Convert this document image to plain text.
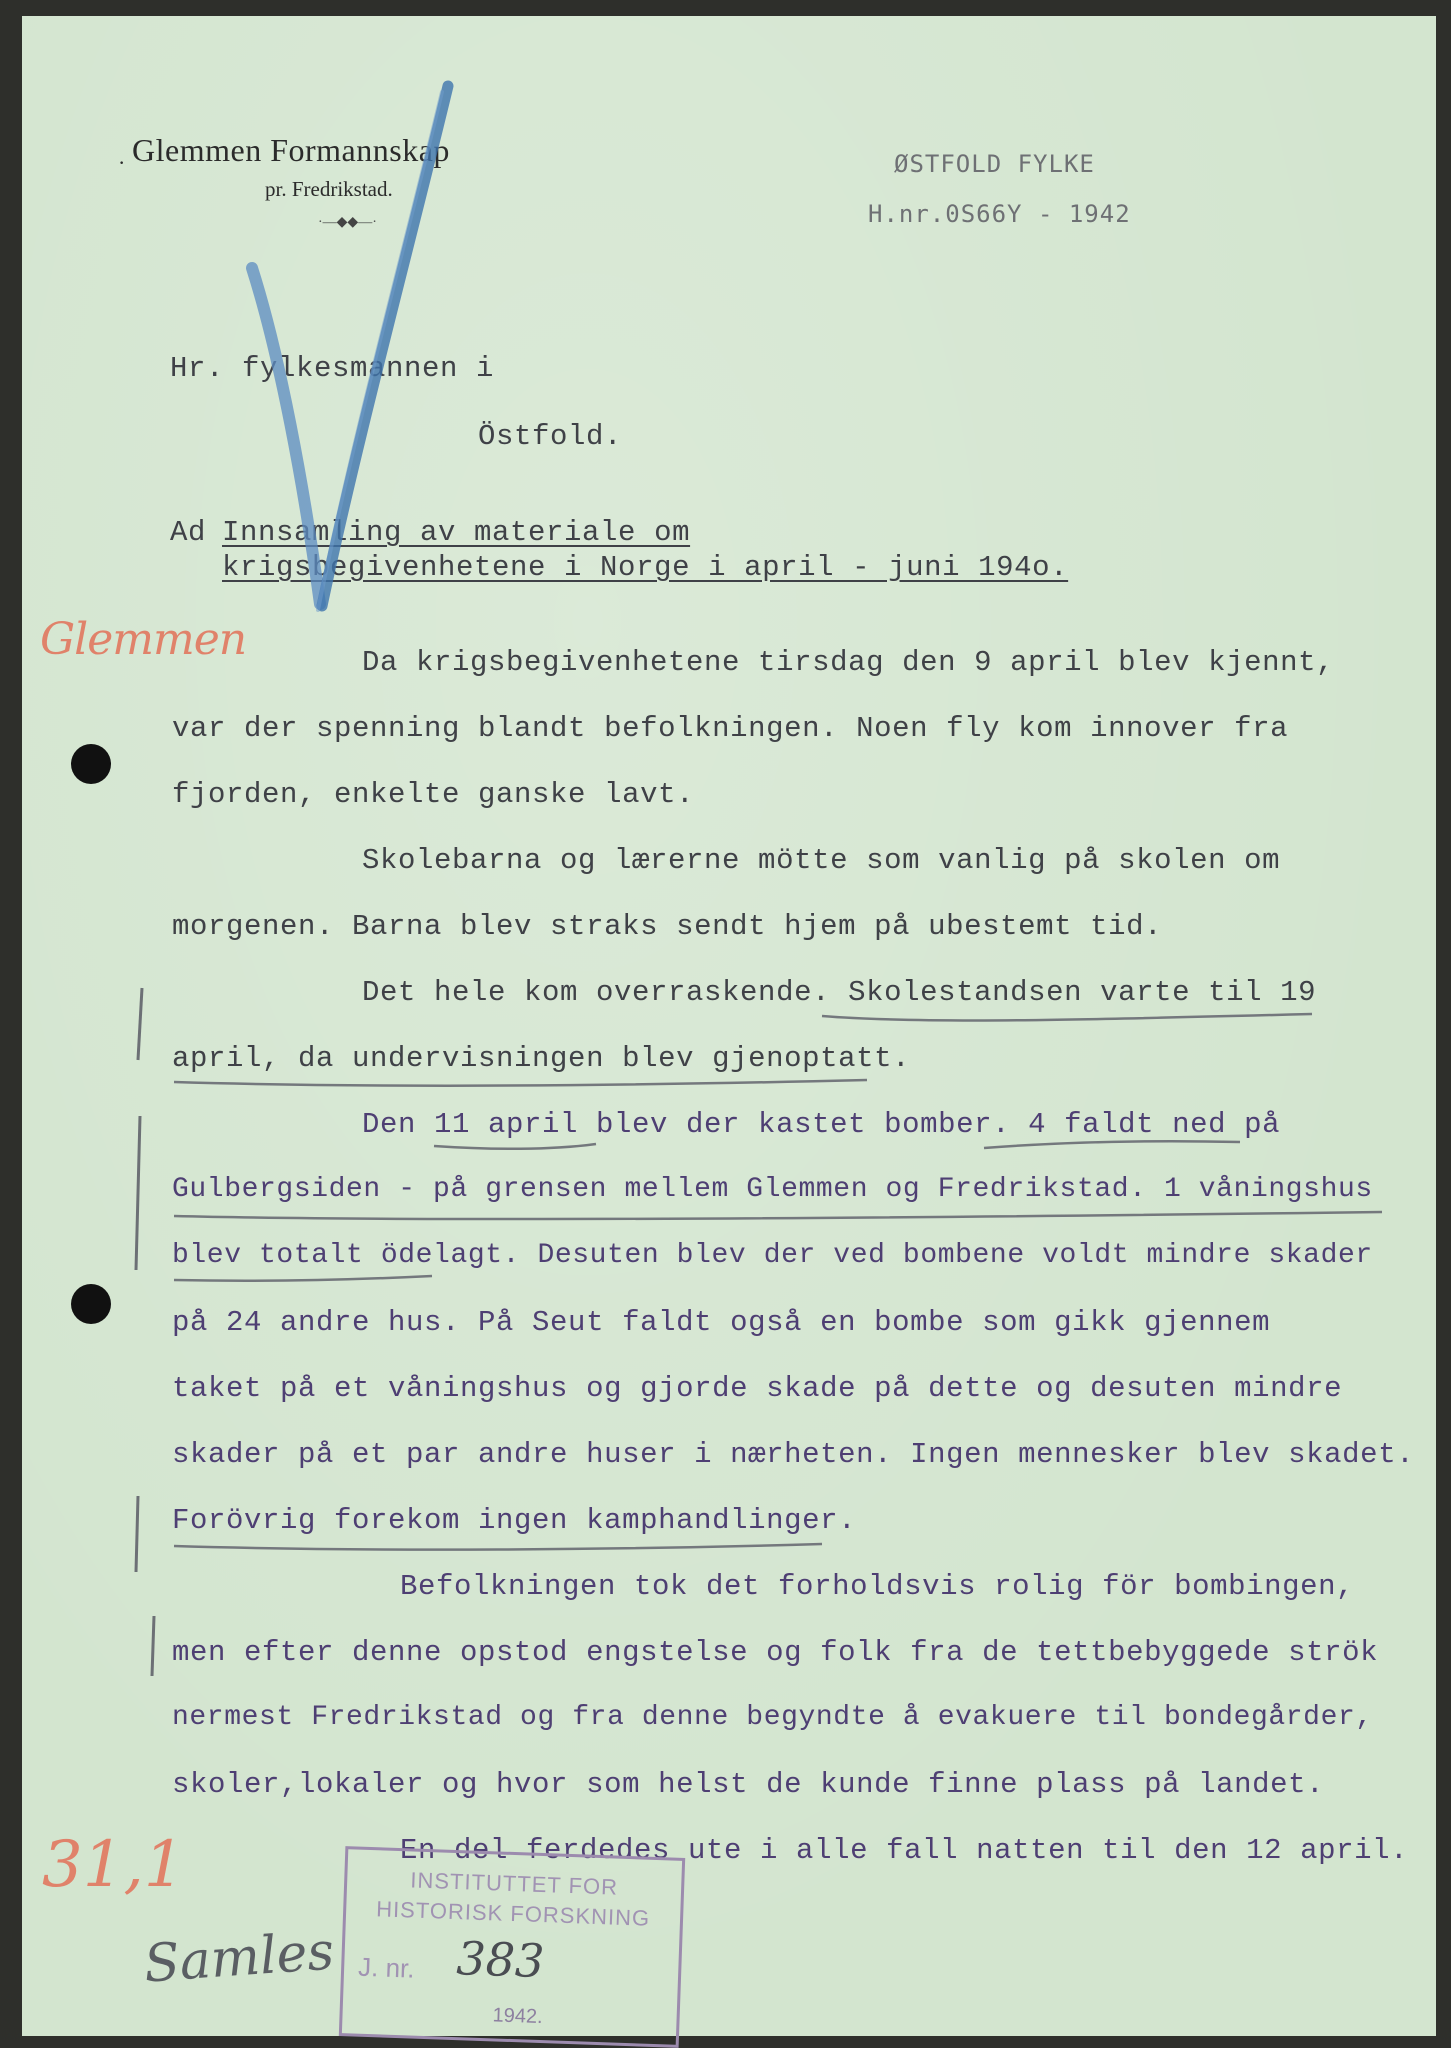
Glemmen Formannskap
pr. Fredrikstad.
·—◆◆—·
·	ØSTFOLD FYLKE
H.nr.0S66Y - 1942
Hr. fylkesmannen i
Östfold.
Ad Innsamling av materiale om
krigsbegivenhetene i Norge i april - juni 194o.
Glemmen
31,1
Samles
Da krigsbegivenhetene tirsdag den 9 april blev kjennt,
var der spenning blandt befolkningen. Noen fly kom innover fra
fjorden, enkelte ganske lavt.
Skolebarna og lærerne mötte som vanlig på skolen om
morgenen. Barna blev straks sendt hjem på ubestemt tid.
Det hele kom overraskende. Skolestandsen varte til 19
april, da undervisningen blev gjenoptatt.
Den 11 april blev der kastet bomber. 4 faldt ned på
Gulbergsiden - på grensen mellem Glemmen og Fredrikstad. 1 våningshus
blev totalt ödelagt. Desuten blev der ved bombene voldt mindre skader
på 24 andre hus. På Seut faldt også en bombe som gikk gjennem
taket på et våningshus og gjorde skade på dette og desuten mindre
skader på et par andre huser i nærheten. Ingen mennesker blev skadet.
Forövrig forekom ingen kamphandlinger.
Befolkningen tok det forholdsvis rolig för bombingen,
men efter denne opstod engstelse og folk fra de tettbebyggede strök
nermest Fredrikstad og fra denne begyndte å evakuere til bondegårder,
skoler,lokaler og hvor som helst de kunde finne plass på landet.
En del ferdedes ute i alle fall natten til den 12 april.
INSTITUTTET FOR
HISTORISK FORSKNING
J. nr. 383
1942.
